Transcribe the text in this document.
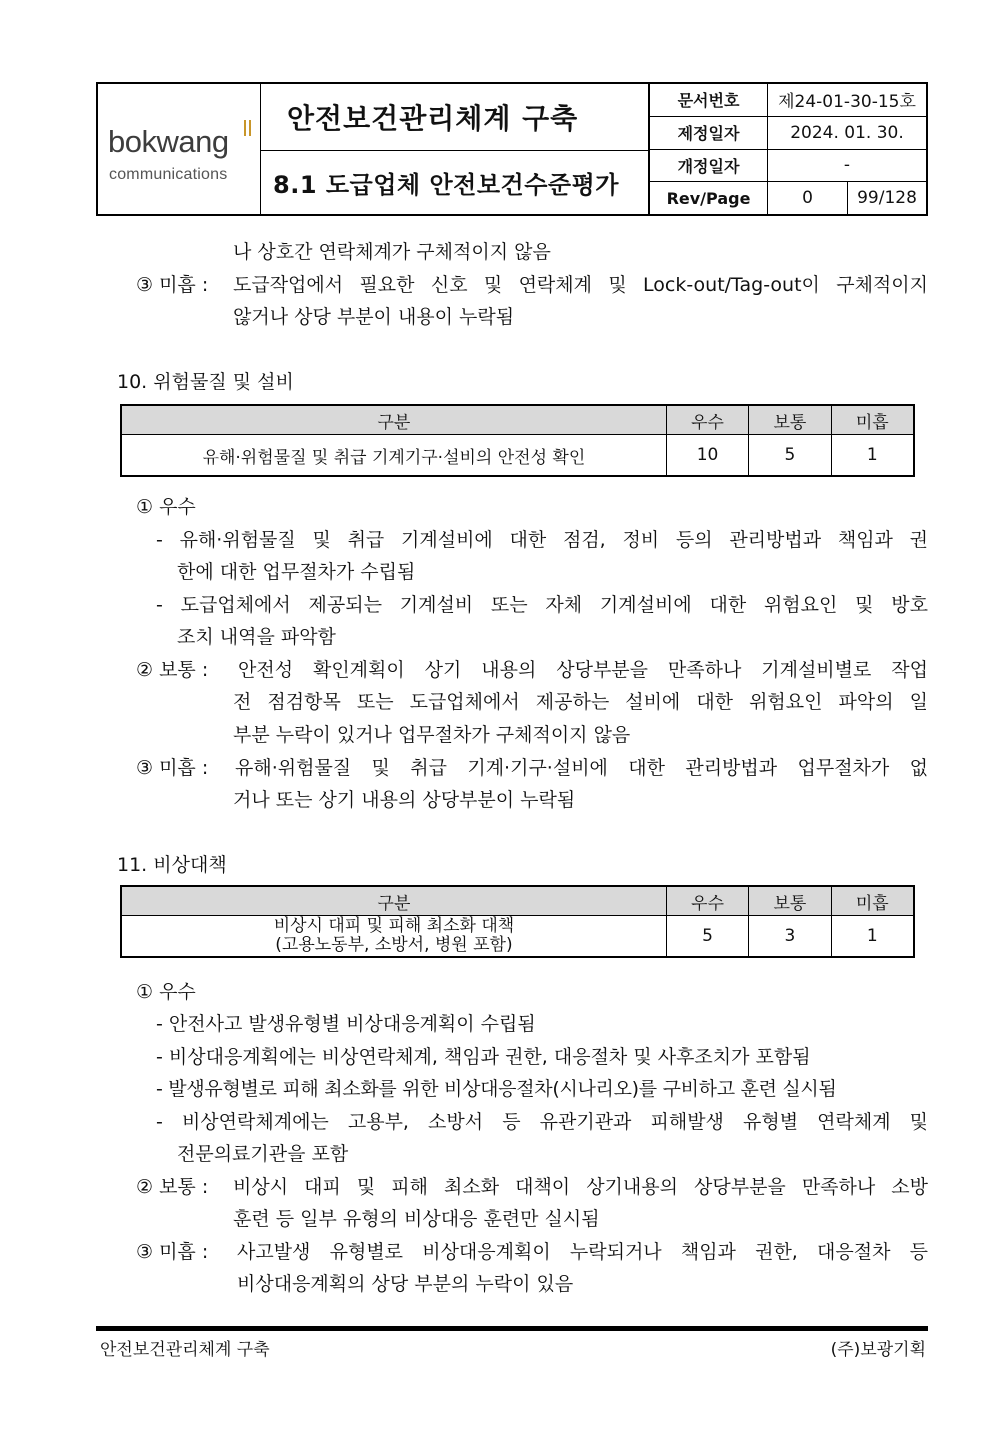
bokwang
communications
안전보건관리체계 구축
8.1 도급업체 안전보건수준평가
문서번호	제24-01-30-15호
제정일자	2024. 01. 30.
개정일자	-
Rev/Page	0	99/128
나 상호간 연락체계가 구체적이지 않음
③ 미흡 : 도급작업에서 필요한 신호 및 연락체계 및 Lock-out/Tag-out이 구체적이지
않거나 상당 부분이 내용이 누락됨
10. 위험물질 및 설비
구분	우수	보통	미흡
유해·위험물질 및 취급 기계기구·설비의 안전성 확인	10	5	1
① 우수
- 유해·위험물질 및 취급 기계설비에 대한 점검, 정비 등의 관리방법과 책임과 권
한에 대한 업무절차가 수립됨
- 도급업체에서 제공되는 기계설비 또는 자체 기계설비에 대한 위험요인 및 방호
조치 내역을 파악함
② 보통 : 안전성 확인계획이 상기 내용의 상당부분을 만족하나 기계설비별로 작업
전 점검항목 또는 도급업체에서 제공하는 설비에 대한 위험요인 파악의 일
부분 누락이 있거나 업무절차가 구체적이지 않음
③ 미흡 : 유해·위험물질 및 취급 기계·기구·설비에 대한 관리방법과 업무절차가 없
거나 또는 상기 내용의 상당부분이 누락됨
11. 비상대책
구분	우수	보통	미흡

비상시 대피 및 피해 최소화 대책
(고용노동부, 소방서, 병원 포함)	5	3	1
① 우수
- 안전사고 발생유형별 비상대응계획이 수립됨
- 비상대응계획에는 비상연락체계, 책임과 권한, 대응절차 및 사후조치가 포함됨
- 발생유형별로 피해 최소화를 위한 비상대응절차(시나리오)를 구비하고 훈련 실시됨
- 비상연락체계에는 고용부, 소방서 등 유관기관과 피해발생 유형별 연락체계 및
전문의료기관을 포함
② 보통 : 비상시 대피 및 피해 최소화 대책이 상기내용의 상당부분을 만족하나 소방
훈련 등 일부 유형의 비상대응 훈련만 실시됨
③ 미흡 : 사고발생 유형별로 비상대응계획이 누락되거나 책임과 권한, 대응절차 등
비상대응계획의 상당 부분의 누락이 있음
안전보건관리체계 구축	(주)보광기획
